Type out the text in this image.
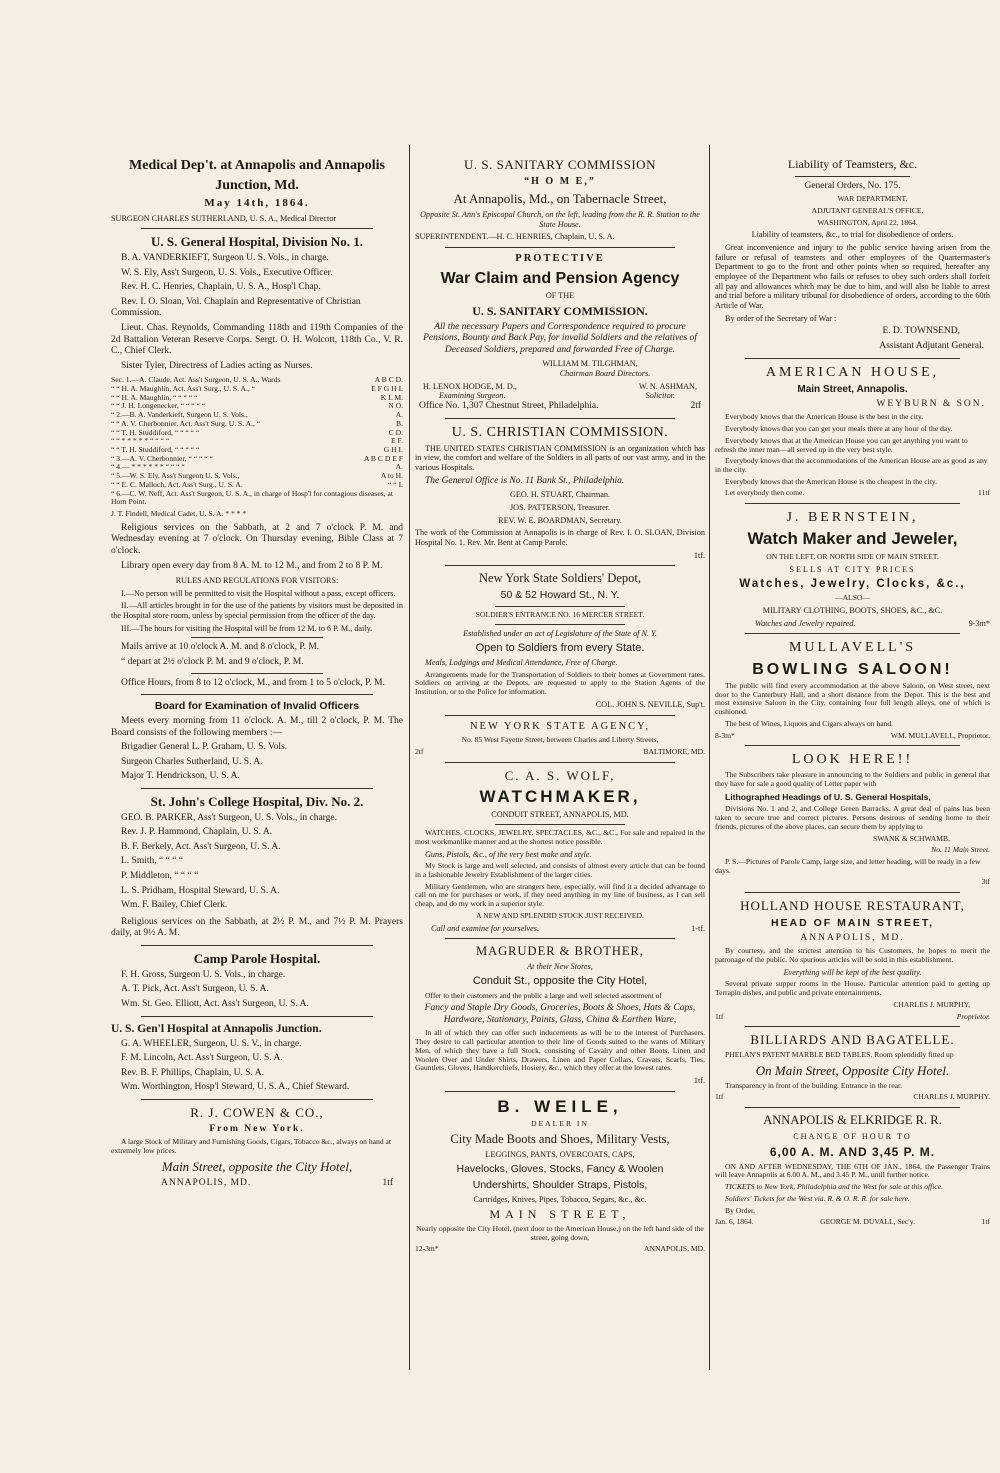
Medical Dep't. at Annapolis and Annapolis

Junction, Md.

May 14th, 1864.

SURGEON CHARLES SUTHERLAND, U. S. A., Medical Director

U. S. General Hospital, Division No. 1.

B. A. VANDERKIEFT, Surgeon U. S. Vols., in charge.

W. S. Ely, Ass't Surgeon, U. S. Vols., Executive Officer.

Rev. H. C. Henries, Chaplain, U. S. A., Hosp'l Chap.

Rev. I. O. Sloan, Vol. Chaplain and Representative of Christian Commission.

Lieut. Chas. Reynolds, Commanding 118th and 119th Companies of the 2d Battalion Veteran Reserve Corps. Sergt. O. H. Wolcott, 118th Co., V. R. C., Chief Clerk.

Sister Tyler, Directress of Ladies acting as Nurses.

Sec. 1.—A. Claude, Act. Ass't Surgeon, U. S. A., Wards	A B C D.
“ “ H. A. Maughlin, Act. Ass't Surg., U. S. A., “	E F G H I.
“ “ H. A. Maughlin, “ “ “ “ “	K L M.
“ “ J. H. Longenecker, “ “ “ “ “	N O.
“ 2.—B. A. Vanderkieft, Surgeon U. S. Vols.,	A.
“ “ A. V. Cherbonnier, Act. Ass't Surg. U. S. A., “	B.
“ “ T. H. Studdiford, “ “ “ “ “	C D.
“ “ * * * * * “ “ “ “	E F.
“ “ T. H. Studdiford, “ “ “ “ “	G H I.
“ 3.—A. V. Cherbonnier, “ “ “ “ “	A B C D E F
“ 4.— * * * * * * “ “ “ “	A.
“ 5.—W. S. Ely, Ass't Surgeon U. S. Vols.,	A to H.
“ “ E. C. Malloch, Act. Ass't Surg., U. S. A.	“ “ I.

“ 6.—C. W. Neff, Act. Ass't Surgeon, U. S. A., in charge of Hosp'l for contagious diseases, at Horn Point.

J. T. Findell, Medical Cadet, U. S. A. * * * *

Religious services on the Sabbath, at 2 and 7 o'clock P. M. and Wednesday evening at 7 o'clock. On Thursday evening, Bible Class at 7 o'clock.

Library open every day from 8 A. M. to 12 M., and from 2 to 8 P. M.

RULES AND REGULATIONS FOR VISITORS:

I.—No person will be permitted to visit the Hospital without a pass, except officers.

II.—All articles brought in for the use of the patients by visitors must be deposited in the Hospital store room, unless by special permission from the officer of the day.

III.—The hours for visiting the Hospital will be from 12 M. to 6 P. M., daily.

Mails arrive at 10 o'clock A. M. and 8 o'clock, P. M.

“ depart at 2½ o'clock P. M. and 9 o'clock, P. M.

Office Hours, from 8 to 12 o'clock, M., and from 1 to 5 o'clock, P. M.

Board for Examination of Invalid Officers

Meets every morning from 11 o'clock. A. M., till 2 o'clock, P. M. The Board consists of the following members :—

Brigadier General L. P. Graham, U. S. Vols.

Surgeon Charles Sutherland, U. S. A.

Major T. Hendrickson, U. S. A.

St. John's College Hospital, Div. No. 2.

GEO. B. PARKER, Ass't Surgeon, U. S. Vols., in charge.

Rev. J. P. Hammond, Chaplain, U. S. A.

B. F. Berkely, Act. Ass't Surgeon, U. S. A.

L. Smith, “ “ “ “

P. Middleton, “ “ “ “

L. S. Pridham, Hospital Steward, U. S. A.

Wm. F. Bailey, Chief Clerk.

Religious services on the Sabbath, at 2½ P. M., and 7½ P. M. Prayers daily, at 9½ A. M.

Camp Parole Hospital.

F. H. Gross, Surgeon U. S. Vols., in charge.

A. T. Pick, Act. Ass't Surgeon, U. S. A.

Wm. St. Geo. Elliott, Act. Ass't Surgeon, U. S. A.

U. S. Gen'l Hospital at Annapolis Junction.

G. A. WHEELER, Surgeon, U. S. V., in charge.

F. M. Lincoln, Act. Ass't Surgeon, U. S. A.

Rev. B. F. Phillips, Chaplain, U. S. A.

Wm. Worthington, Hosp'l Steward, U. S. A., Chief Steward.

R. J. COWEN & CO.,

From New York.

A large Stock of Military and Furnishing Goods, Cigars, Tobacco &c., always on hand at extremely low prices.

Main Street, opposite the City Hotel,

ANNAPOLIS, MD.	1tf

U. S. SANITARY COMMISSION

“H O M E,”

At Annapolis, Md., on Tabernacle Street,

Opposite St. Ann's Episcopal Church, on the left, leading from the R. R. Station to the State House.

SUPERINTENDENT.—H. C. HENRIES, Chaplain, U. S. A.

PROTECTIVE

War Claim and Pension Agency

OF THE

U. S. SANITARY COMMISSION.

All the necessary Papers and Correspondence required to procure Pensions, Bounty and Back Pay, for invalid Soldiers and the relatives of Deceased Soldiers, prepared and forwarded Free of Charge.

WILLIAM M. TILGHMAN,

Chairman Board Directors.

H. LENOX HODGE, M. D.,	W. N. ASHMAN,
Examining Surgeon.	Solicitor.
Office No. 1,307 Chestnut Street, Philadelphia.	2tf

U. S. CHRISTIAN COMMISSION.

THE UNITED STATES CHRISTIAN COMMISSION is an organization which has in view, the comfort and welfare of the Soldiers in all parts of our vast army, and in the various Hospitals.

The General Office is No. 11 Bank St., Philadelphia.

GEO. H. STUART, Chairman.

JOS. PATTERSON, Treasurer.

REV. W. E. BOARDMAN, Secretary.

The work of the Commission at Annapolis is in charge of Rev. I. O. SLOAN, Division Hospital No. 1. Rev. Mr. Bent at Camp Parole.

1tf.

New York State Soldiers' Depot,

50 & 52 Howard St., N. Y.

SOLDIER'S ENTRANCE NO. 16 MERCER STREET.

Established under an act of Legislature of the State of N. Y.

Open to Soldiers from every State.

Meals, Lodgings and Medical Attendance, Free of Charge.

Arrangements made for the Transportation of Soldiers to their homes at Government rates. Soldiers on arriving at the Depots, are requested to apply to the Station Agents of the Institution, or to the Police for information.

COL. JOHN S. NEVILLE, Sup't.

NEW YORK STATE AGENCY,

No. 85 West Fayette Street, between Charles and Liberty Streets,

2tf	BALTIMORE, MD.

C. A. S. WOLF,

WATCHMAKER,

CONDUIT STREET, ANNAPOLIS, MD.

WATCHES, CLOCKS, JEWELRY, SPECTACLES, &C., &C., For sale and repaired in the most workmanlike manner and at the shortest notice possible.

Guns, Pistols, &c., of the very best make and style.

My Stock is large and well selected, and consists of almost every article that can be found in a fashionable Jewelry Establishment of the larger cities.

Military Gentlemen, who are strangers here, especially, will find it a decided advantage to call on me for purchases or work, if they need anything in my line of business, as I can sell cheap, and do my work in a superior style.

A NEW AND SPLENDID STOCK JUST RECEIVED.

Call and examine for yourselves.	1-tf.

MAGRUDER & BROTHER,

At their New Stores,

Conduit St., opposite the City Hotel,

Offer to their customers and the public a large and well selected assortment of

Fancy and Staple Dry Goods, Groceries, Boots & Shoes, Hats & Caps, Hardware, Stationary, Paints, Glass, China & Earthen Ware,

In all of which they can offer such inducements as will be to the interest of Purchasers. They desire to call particular attention to their line of Goods suited to the wants of Military Men, of which they have a full Stock, consisting of Cavalry and other Boots, Linen and Woolen Over and Under Shirts, Drawers, Linen and Paper Collars, Cravats, Scarfs, Ties, Gauntlets, Gloves, Handkerchiefs, Hosiery, &c., which they offer at the lowest rates.

1tf.

B. WEILE,

DEALER IN

City Made Boots and Shoes, Military Vests,

LEGGINGS, PANTS, OVERCOATS, CAPS,

Havelocks, Gloves, Stocks, Fancy & Woolen

Undershirts, Shoulder Straps, Pistols,

Cartridges, Knives, Pipes, Tobacco, Segars, &c., &c.

MAIN STREET,

Nearly opposite the City Hotel, (next door to the American House,) on the left hand side of the street, going down,

12-3m*	ANNAPOLIS, MD.

Liability of Teamsters, &c.

General Orders, No. 175.

WAR DEPARTMENT,

ADJUTANT GENERAL'S OFFICE,

WASHINGTON, April 22, 1864.

Liability of teamsters, &c., to trial for disobedience of orders.

Great inconvenience and injury to the public service having arisen from the failure or refusal of teamsters and other employees of the Quartermaster's Department to go to the front and other points when so required, hereafter any employee of the Department who fails or refuses to obey such orders shall forfeit all pay and allowances which may be due to him, and will also be liable to arrest and trial before a military tribunal for disobedience of orders, according to the 60th Article of War.

By order of the Secretary of War :

E. D. TOWNSEND,

Assistant Adjutant General.

AMERICAN HOUSE,

Main Street, Annapolis.

WEYBURN & SON.

Everybody knows that the American House is the best in the city.

Everybody knows that you can get your meals there at any hour of the day.

Everybody knows that at the American House you can get anything you want to refresh the inner man—all served up in the very best style.

Everybody knows that the accommodations of the American House are as good as any in the city.

Everybody knows that the American House is the cheapest in the city.

Let everybody then come.	11tf

J. BERNSTEIN,

Watch Maker and Jeweler,

ON THE LEFT, OR NORTH SIDE OF MAIN STREET.

SELLS AT CITY PRICES

Watches, Jewelry, Clocks, &c.,

—ALSO—

MILITARY CLOTHING, BOOTS, SHOES, &C., &C.

Watches and Jewelry repaired.	9-3m*

MULLAVELL'S

BOWLING SALOON!

The public will find every accommodation at the above Saloon, on West street, next door to the Canterbury Hall, and a short distance from the Depot. This is the best and most extensive Saloon in the City, containing four full length alleys, one of which is cushioned.

The best of Wines, Liquors and Cigars always on hand.

8-3m*	WM. MULLAVELL, Proprietor.

LOOK HERE!!

The Subscribers take pleasure in announcing to the Soldiers and public in general that they have for sale a good quality of Letter paper with

Lithographed Headings of U. S. General Hospitals,

Divisions No. 1 and 2, and College Green Barracks. A great deal of pains has been taken to secure true and correct pictures. Persons desirous of sending home to their friends, pictures of the above places, can secure them by applying to

SWANK & SCHWAMB,

No. 11 Main Street.

P. S.—Pictures of Parole Camp, large size, and letter heading, will be ready in a few days.

3tf

HOLLAND HOUSE RESTAURANT,

HEAD OF MAIN STREET,

ANNAPOLIS, MD.

By courtesy, and the strictest attention to his Customers, he hopes to merit the patronage of the public. No spurious articles will be sold in this establishment.

Everything will be kept of the best quality.

Several private supper rooms in the House. Particular attention paid to getting up Terrapin dishes, and public and private entertainments.

CHARLES J. MURPHY,

1tf	Proprietor.

BILLIARDS AND BAGATELLE.

PHELAN'S PATENT MARBLE BED TABLES. Room splendidly fitted up

On Main Street, Opposite City Hotel.

Transparency in front of the building. Entrance in the rear.

1tf	CHARLES J. MURPHY.

ANNAPOLIS & ELKRIDGE R. R.

CHANGE OF HOUR TO

6,00 A. M. AND 3,45 P. M.

ON AND AFTER WEDNESDAY, THE 6TH OF JAN., 1864, the Passenger Trains will leave Annapolis at 6.00 A. M., and 3.45 P. M., until further notice.

TICKETS to New York, Philadelphia and the West for sale at this office.

Soldiers' Tickets for the West via. R. & O. R. R. for sale here.

By Order,

Jan. 6, 1864.	GEORGE M. DUVALL, Sec'y.	1tf
